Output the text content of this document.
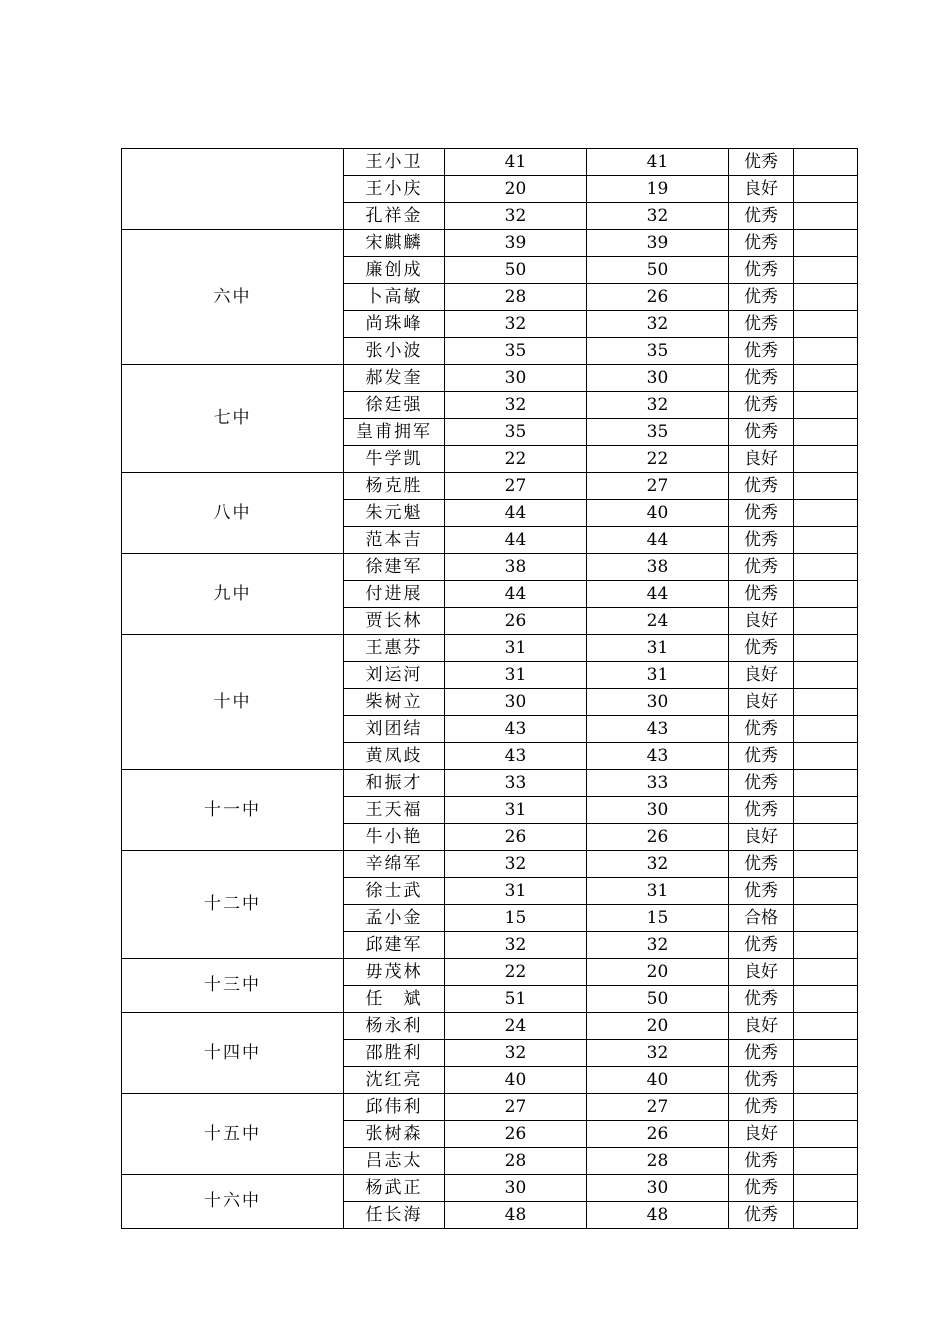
	王小卫	41	41	优秀	
	王小庆	20	19	良好	
	孔祥金	32	32	优秀	
六中	宋麒麟	39	39	优秀	
	廉创成	50	50	优秀	
	卜高敏	28	26	优秀	
	尚珠峰	32	32	优秀	
	张小波	35	35	优秀	
七中	郝发奎	30	30	优秀	
	徐廷强	32	32	优秀	
	皇甫拥军	35	35	优秀	
	牛学凯	22	22	良好	
八中	杨克胜	27	27	优秀	
	朱元魁	44	40	优秀	
	范本吉	44	44	优秀	
九中	徐建军	38	38	优秀	
	付进展	44	44	优秀	
	贾长林	26	24	良好	
十中	王惠芬	31	31	优秀	
	刘运河	31	31	良好	
	柴树立	30	30	良好	
	刘团结	43	43	优秀	
	黄凤歧	43	43	优秀	
十一中	和振才	33	33	优秀	
	王天福	31	30	优秀	
	牛小艳	26	26	良好	
十二中	辛绵军	32	32	优秀	
	徐士武	31	31	优秀	
	孟小金	15	15	合格	
	邱建军	32	32	优秀	
十三中	毋茂林	22	20	良好	
	任　斌	51	50	优秀	
十四中	杨永利	24	20	良好	
	邵胜利	32	32	优秀	
	沈红亮	40	40	优秀	
十五中	邱伟利	27	27	优秀	
	张树森	26	26	良好	
	吕志太	28	28	优秀	
十六中	杨武正	30	30	优秀	
	任长海	48	48	优秀	
